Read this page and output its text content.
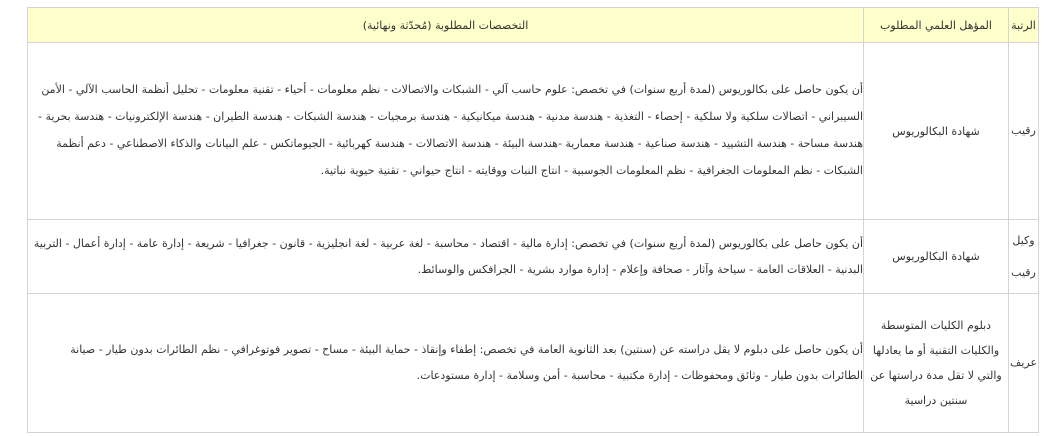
الرتبة	المؤهل العلمي المطلوب	التخصصات المطلوبة (مُحدّثة ونهائية)
رقيب	شهادة البكالوريوس	أن يكون حاصل على بكالوريوس (لمدة أربع سنوات) في تخصص: علوم حاسب آلي - الشبكات والاتصالات - نظم معلومات - أحياء - تقنية معلومات - تحليل أنظمة الحاسب الآلي - الأمن السيبراني - اتصالات سلكية ولا سلكية - إحصاء - التغذية - هندسة مدنية - هندسة ميكانيكية - هندسة برمجيات - هندسة الشبكات - هندسة الطيران - هندسة الإلكترونيات - هندسة بحرية - هندسة مساحة - هندسة التشييد - هندسة صناعية - هندسة معمارية -هندسة البيئة - هندسة الاتصالات - هندسة كهربائية - الجيوماتكس - علم البيانات والذكاء الاصطناعي - دعم أنظمة الشبكات - نظم المعلومات الجغرافية - نظم المعلومات الجوسبية - انتاج النبات ووقايته - انتاج حيواني - تقنية حيوية نباتية.
وكيل رقيب	شهادة البكالوريوس	أن يكون حاصل على بكالوريوس (لمدة أربع سنوات) في تخصص: إدارة مالية - اقتصاد - محاسبة - لغة عربية - لغة انجليزية - قانون - جغرافيا - شريعة - إدارة عامة - إدارة أعمال - التربية البدنية - العلاقات العامة - سياحة وآثار - صحافة وإعلام - إدارة موارد بشرية - الجرافكس والوسائط.
عريف	دبلوم الكليات المتوسطة والكليات التقنية أو ما يعادلها والتي لا تقل مدة دراستها عن سنتين دراسية	أن يكون حاصل على دبلوم لا يقل دراسته عن (سنتين) بعد الثانوية العامة في تخصص: إطفاء وإنقاذ - حماية البيئة - مساح - تصوير فوتوغرافي - نظم الطائرات بدون طيار - صيانة الطائرات بدون طيار - وثائق ومحفوظات - إدارة مكتبية - محاسبة - أمن وسلامة - إدارة مستودعات.
